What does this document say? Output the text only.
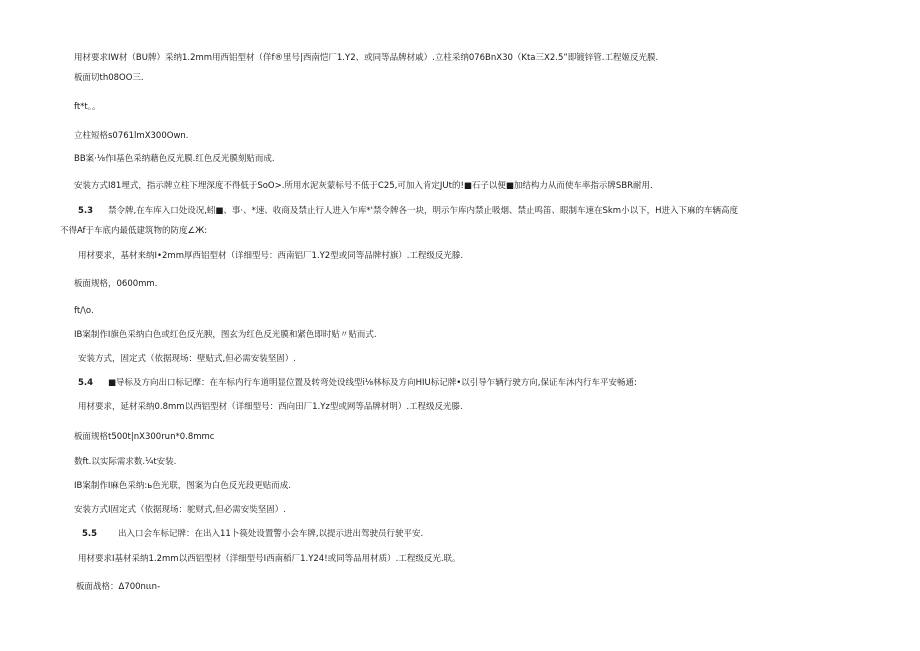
用材要求IW材（BU牌）采纳1.2mm用西铝型材（佯f®里号|西南恺厂1.Y2、或同等品牌材戚）.立柱采纳076BnX30（Kta三X2.5”即镀锌管.工程姬反光膜.
板面切th08OO三.
ft*t。。
立柱短格s0761lmX300Own.
BB案·⅛作I基色采纳藉色反光膜.红色反光膜刻贴而成.
安装方式I81埋式，指示牌立柱下埋深度不得低于SoO>.所用水泥灰蒙标号不低于C25,可加入肯定JUt的!■石子以便■加结构力从而使车率指示牌SBR耐用.
5.3 禁令牌,在车库入口处设况,蚓■、事·、*速、收商及禁止行人进入乍库*'禁令牌各一块，明示乍库内禁止吸烟、禁止鸣笛、眼制车速在Skm小以下，H进入下麻的车辆高度
不得Af于车底内最低建筑物的防度∠Ж:
用材要求，基材来纳I•2mm厚西铝型材（详细型号：西南铝厂1.Y2型或同等品牌村旗）.工程级反光滕.
板面规格，0600mm.
ft/\o.
IB案制作I旗色采纳白色或红色反光腴，图玄为红色反光膜和紧色即时贴〃贴而式.
安装方式，固定式（依据现场：壁贴式,但必需安装坚固）.
5.4 ■导标及方向出口标记摩：在车标内行车道明显位置及转弯处设线型i⅛林标及方向HIU标记牌•以引导乍辆行驶方向,保证车沐内行车平安畅通:
用材要求，延材采纳0.8mm以西铝型材（详细型号：西向田厂1.Yz型或网等品牌材明）.工程级反光滕.
板面规格t500t|nX300run*0.8mmc
数ft.以实际需求数.¼t安装.
IB案制作I麻色采纳:ь色光联，图案为白色反光段更贴而成.
安装方式I固定式（依据现场：鸵财式,但必需安奘坚固）.
5.5 出入口会车标记牌：在出入11卜篌处设置警小会车牌,以提示进出驾驶员行驶平安.
用材要求I基材采纳1.2mm以西铝型材（洋细型号I西南稻厂1.Y24!或同等品用材质）.工程级反光.联。
板面战格：Δ700nιιn-
